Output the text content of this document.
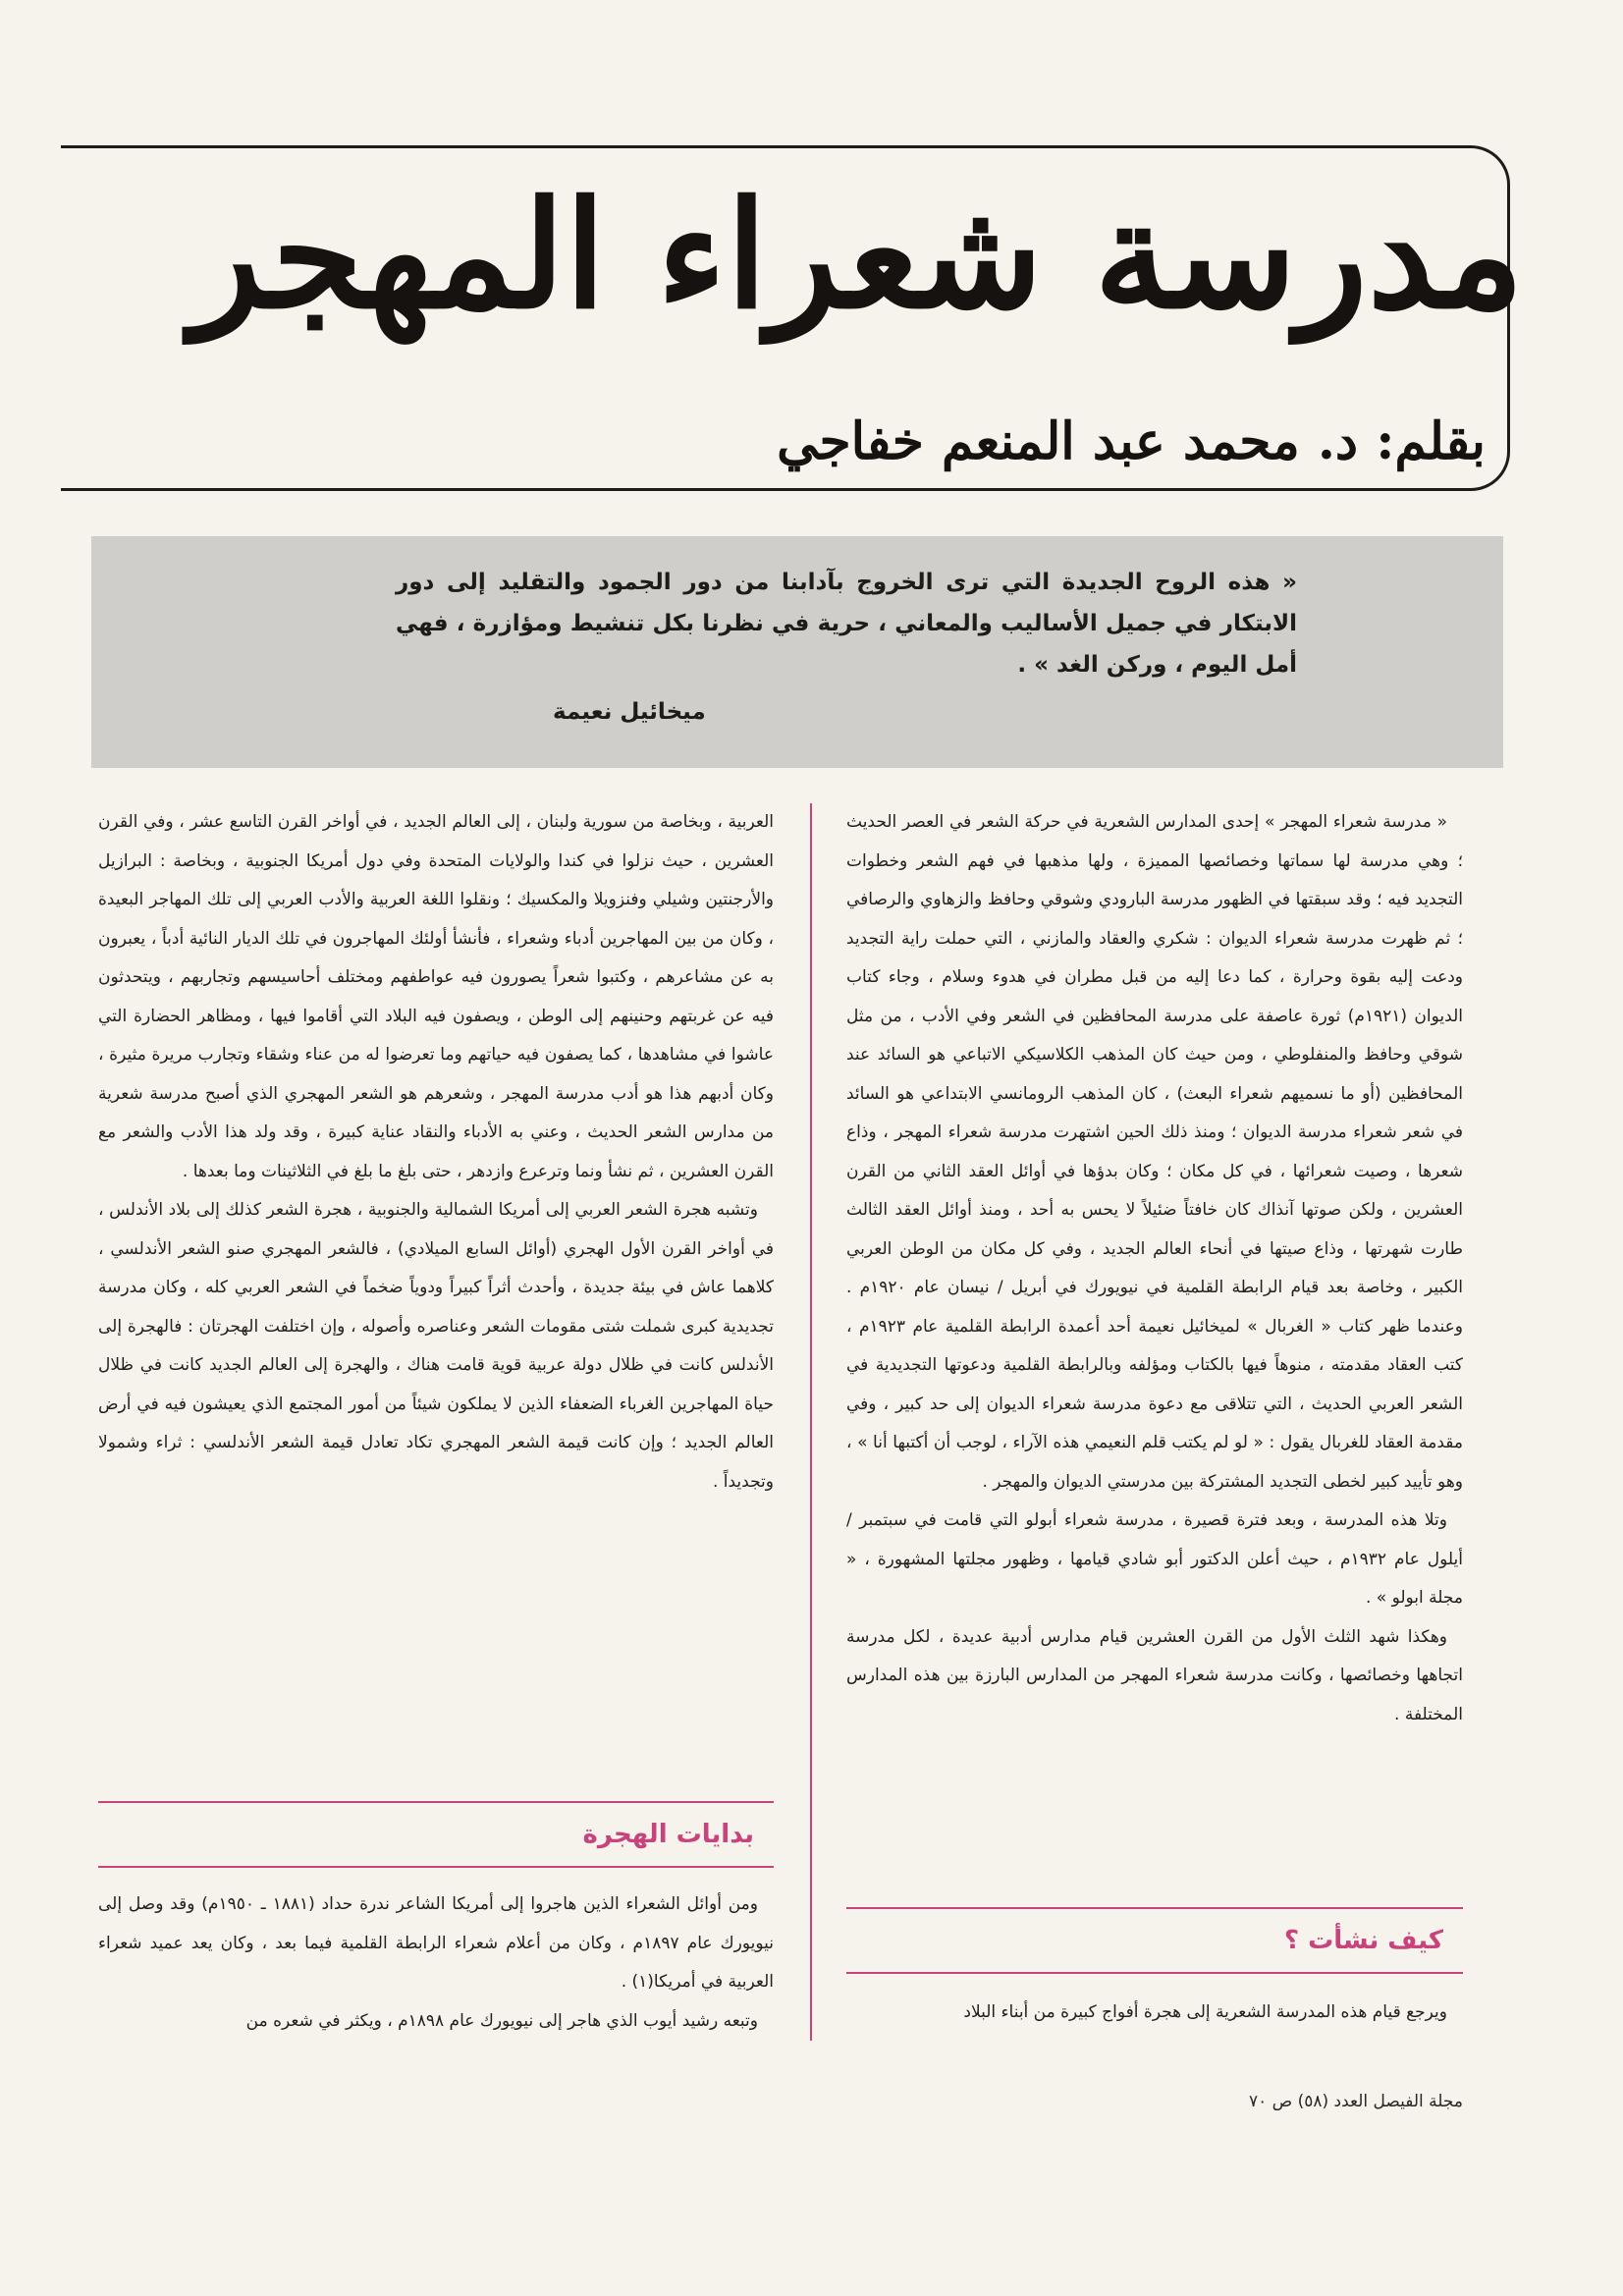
مدرسة شعراء المهجر
بقلم: د. محمد عبد المنعم خفاجي
« هذه الروح الجديدة التي ترى الخروج بآدابنا من دور الجمود والتقليد إلى دور الابتكار في جميل الأساليب والمعاني ، حرية في نظرنا بكل تنشيط ومؤازرة ، فهي أمل اليوم ، وركن الغد » .
ميخائيل نعيمة

« مدرسة شعراء المهجر » إحدى المدارس الشعرية في حركة الشعر في العصر الحديث ؛ وهي مدرسة لها سماتها وخصائصها المميزة ، ولها مذهبها في فهم الشعر وخطوات التجديد فيه ؛ وقد سبقتها في الظهور مدرسة البارودي وشوقي وحافظ والزهاوي والرصافي ؛ ثم ظهرت مدرسة شعراء الديوان : شكري والعقاد والمازني ، التي حملت راية التجديد ودعت إليه بقوة وحرارة ، كما دعا إليه من قبل مطران في هدوء وسلام ، وجاء كتاب الديوان (١٩٢١م) ثورة عاصفة على مدرسة المحافظين في الشعر وفي الأدب ، من مثل شوقي وحافظ والمنفلوطي ، ومن حيث كان المذهب الكلاسيكي الاتباعي هو السائد عند المحافظين (أو ما نسميهم شعراء البعث) ، كان المذهب الرومانسي الابتداعي هو السائد في شعر شعراء مدرسة الديوان ؛ ومنذ ذلك الحين اشتهرت مدرسة شعراء المهجر ، وذاع شعرها ، وصيت شعرائها ، في كل مكان ؛ وكان بدؤها في أوائل العقد الثاني من القرن العشرين ، ولكن صوتها آنذاك كان خافتاً ضئيلاً لا يحس به أحد ، ومنذ أوائل العقد الثالث طارت شهرتها ، وذاع صيتها في أنحاء العالم الجديد ، وفي كل مكان من الوطن العربي الكبير ، وخاصة بعد قيام الرابطة القلمية في نيويورك في أبريل / نيسان عام ١٩٢٠م . وعندما ظهر كتاب « الغربال » لميخائيل نعيمة أحد أعمدة الرابطة القلمية عام ١٩٢٣م ، كتب العقاد مقدمته ، منوهاً فيها بالكتاب ومؤلفه وبالرابطة القلمية ودعوتها التجديدية في الشعر العربي الحديث ، التي تتلاقى مع دعوة مدرسة شعراء الديوان إلى حد كبير ، وفي مقدمة العقاد للغربال يقول : « لو لم يكتب قلم النعيمي هذه الآراء ، لوجب أن أكتبها أنا » ، وهو تأييد كبير لخطى التجديد المشتركة بين مدرستي الديوان والمهجر .

وتلا هذه المدرسة ، وبعد فترة قصيرة ، مدرسة شعراء أبولو التي قامت في سبتمبر / أيلول عام ١٩٣٢م ، حيث أعلن الدكتور أبو شادي قيامها ، وظهور مجلتها المشهورة ، « مجلة ابولو » .

وهكذا شهد الثلث الأول من القرن العشرين قيام مدارس أدبية عديدة ، لكل مدرسة اتجاهها وخصائصها ، وكانت مدرسة شعراء المهجر من المدارس البارزة بين هذه المدارس المختلفة .

كيف نشأت ؟

ويرجع قيام هذه المدرسة الشعرية إلى هجرة أفواج كبيرة من أبناء البلاد

العربية ، وبخاصة من سورية ولبنان ، إلى العالم الجديد ، في أواخر القرن التاسع عشر ، وفي القرن العشرين ، حيث نزلوا في كندا والولايات المتحدة وفي دول أمريكا الجنوبية ، وبخاصة : البرازيل والأرجنتين وشيلي وفنزويلا والمكسيك ؛ ونقلوا اللغة العربية والأدب العربي إلى تلك المهاجر البعيدة ، وكان من بين المهاجرين أدباء وشعراء ، فأنشأ أولئك المهاجرون في تلك الديار النائية أدباً ، يعبرون به عن مشاعرهم ، وكتبوا شعراً يصورون فيه عواطفهم ومختلف أحاسيسهم وتجاربهم ، ويتحدثون فيه عن غربتهم وحنينهم إلى الوطن ، ويصفون فيه البلاد التي أقاموا فيها ، ومظاهر الحضارة التي عاشوا في مشاهدها ، كما يصفون فيه حياتهم وما تعرضوا له من عناء وشقاء وتجارب مريرة مثيرة ، وكان أدبهم هذا هو أدب مدرسة المهجر ، وشعرهم هو الشعر المهجري الذي أصبح مدرسة شعرية من مدارس الشعر الحديث ، وعني به الأدباء والنقاد عناية كبيرة ، وقد ولد هذا الأدب والشعر مع القرن العشرين ، ثم نشأ ونما وترعرع وازدهر ، حتى بلغ ما بلغ في الثلاثينات وما بعدها .

وتشبه هجرة الشعر العربي إلى أمريكا الشمالية والجنوبية ، هجرة الشعر كذلك إلى بلاد الأندلس ، في أواخر القرن الأول الهجري (أوائل السابع الميلادي) ، فالشعر المهجري صنو الشعر الأندلسي ، كلاهما عاش في بيئة جديدة ، وأحدث أثراً كبيراً ودوياً ضخماً في الشعر العربي كله ، وكان مدرسة تجديدية كبرى شملت شتى مقومات الشعر وعناصره وأصوله ، وإن اختلفت الهجرتان : فالهجرة إلى الأندلس كانت في ظلال دولة عربية قوية قامت هناك ، والهجرة إلى العالم الجديد كانت في ظلال حياة المهاجرين الغرباء الضعفاء الذين لا يملكون شيئاً من أمور المجتمع الذي يعيشون فيه في أرض العالم الجديد ؛ وإن كانت قيمة الشعر المهجري تكاد تعادل قيمة الشعر الأندلسي : ثراء وشمولا وتجديداً .

بدايات الهجرة

ومن أوائل الشعراء الذين هاجروا إلى أمريكا الشاعر ندرة حداد (١٨٨١ ـ ١٩٥٠م) وقد وصل إلى نيويورك عام ١٨٩٧م ، وكان من أعلام شعراء الرابطة القلمية فيما بعد ، وكان يعد عميد شعراء العربية في أمريكا(١) .

وتبعه رشيد أيوب الذي هاجر إلى نيويورك عام ١٨٩٨م ، ويكثر في شعره من

مجلة الفيصل العدد (٥٨) ص ٧٠
